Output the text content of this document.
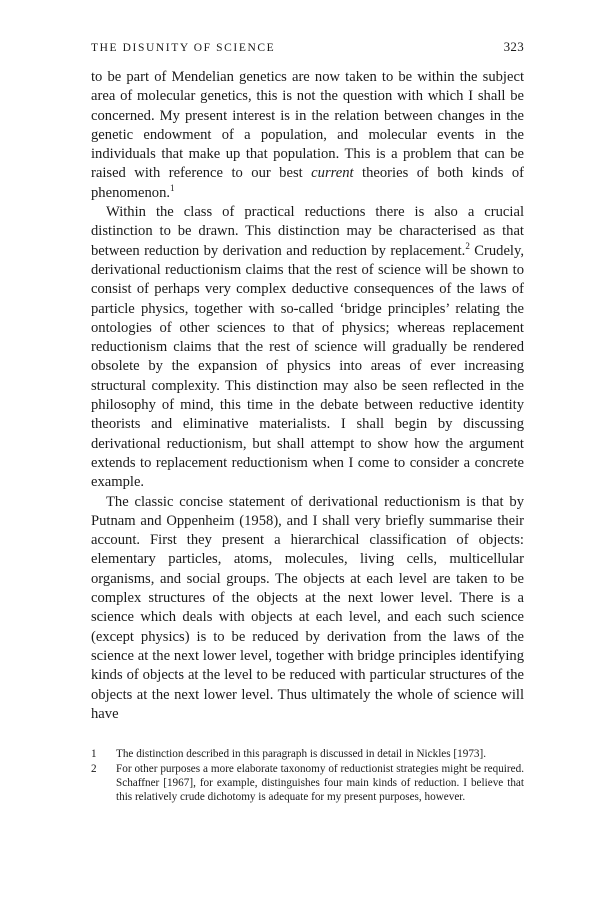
THE DISUNITY OF SCIENCE	323

to be part of Mendelian genetics are now taken to be within the subject area of molecular genetics, this is not the question with which I shall be concerned. My present interest is in the relation between changes in the genetic endowment of a population, and molecular events in the individuals that make up that population. This is a problem that can be raised with reference to our best current theories of both kinds of phenomenon.$^1$

Within the class of practical reductions there is also a crucial distinction to be drawn. This distinction may be characterised as that between reduction by derivation and reduction by replacement.$^2$ Crudely, derivational reductionism claims that the rest of science will be shown to consist of perhaps very complex deductive consequences of the laws of particle physics, together with so-called ‘bridge principles’ relating the ontologies of other sciences to that of physics; whereas replacement reductionism claims that the rest of science will gradually be rendered obsolete by the expansion of physics into areas of ever increasing structural complexity. This distinction may also be seen reflected in the philosophy of mind, this time in the debate between reductive identity theorists and eliminative materialists. I shall begin by discussing derivational reductionism, but shall attempt to show how the argument extends to replacement reductionism when I come to consider a concrete example.

The classic concise statement of derivational reductionism is that by Putnam and Oppenheim (1958), and I shall very briefly summarise their account. First they present a hierarchical classification of objects: elementary particles, atoms, molecules, living cells, multicellular organisms, and social groups. The objects at each level are taken to be complex structures of the objects at the next lower level. There is a science which deals with objects at each level, and each such science (except physics) is to be reduced by derivation from the laws of the science at the next lower level, together with bridge principles identifying kinds of objects at the level to be reduced with particular structures of the objects at the next lower level. Thus ultimately the whole of science will have

1	The distinction described in this paragraph is discussed in detail in Nickles [1973].
2	For other purposes a more elaborate taxonomy of reductionist strategies might be required. Schaffner [1967], for example, distinguishes four main kinds of reduction. I believe that this relatively crude dichotomy is adequate for my present purposes, however.
